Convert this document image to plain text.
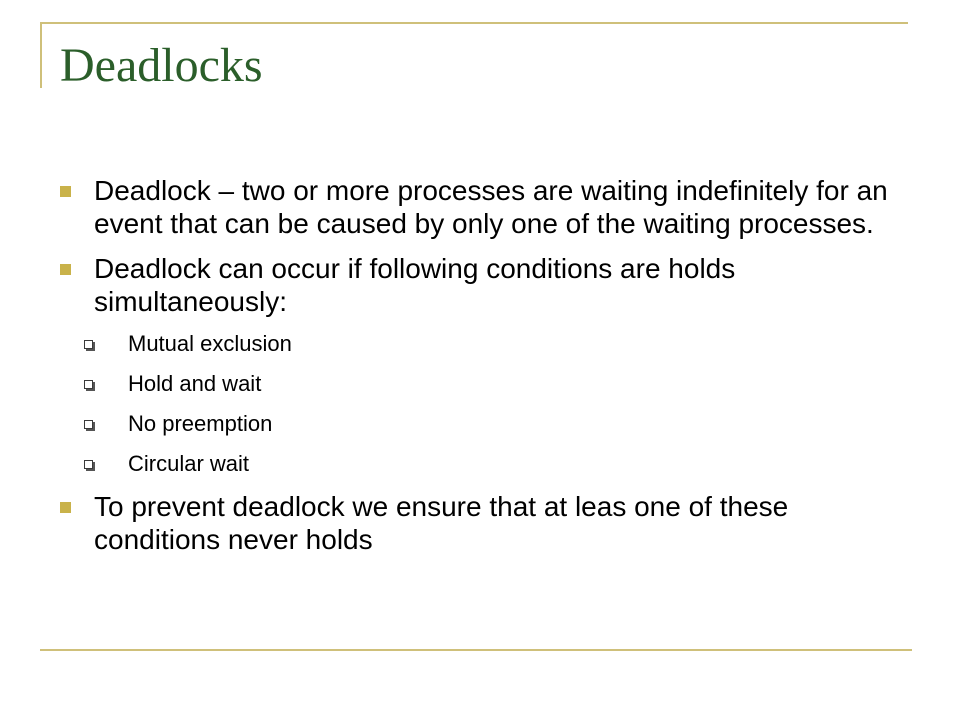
Deadlocks
Deadlock – two or more processes are waiting indefinitely for an event that can be caused by only one of the waiting processes.
Deadlock can occur if following conditions are holds simultaneously:
Mutual exclusion
Hold and wait
No preemption
Circular wait
To prevent deadlock we ensure that at leas one of these conditions never holds
